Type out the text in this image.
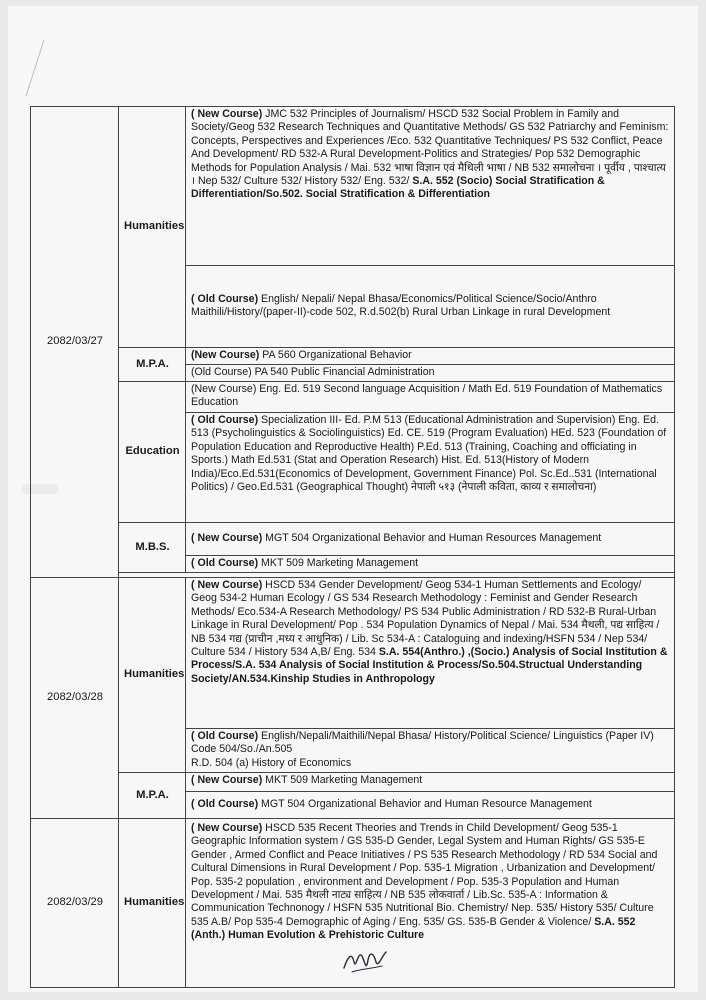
2082/03/27	Humanities	( New Course) JMC 532 Principles of Journalism/ HSCD 532 Social Problem in Family and Society/Geog 532 Research Techniques and Quantitative Methods/ GS 532 Patriarchy and Feminism: Concepts, Perspectives and Experiences /Eco. 532 Quantitative Techniques/ PS 532 Conflict, Peace And Development/ RD 532-A Rural Development-Politics and Strategies/ Pop 532 Demographic Methods for Population Analysis / Mai. 532 भाषा विज्ञान एवं मैथिली भाषा / NB 532 समालोचना । पूर्वीय , पाश्चात्य । Nep 532/ Culture 532/ History 532/ Eng. 532/ S.A. 552 (Socio) Social Stratification & Differentiation/So.502. Social Stratification & Differentiation
		( Old Course) English/ Nepali/ Nepal Bhasa/Economics/Political Science/Socio/Anthro Maithili/History/(paper-II)-code 502, R.d.502(b) Rural Urban Linkage in rural Development
	M.P.A.	(New Course) PA 560 Organizational Behavior
		(Old Course) PA 540 Public Financial Administration
	Education	(New Course) Eng. Ed. 519 Second language Acquisition / Math Ed. 519 Foundation of Mathematics Education
		( Old Course) Specialization III- Ed. P.M 513 (Educational Administration and Supervision) Eng. Ed. 513 (Psycholinguistics & Sociolinguistics) Ed. CE. 519 (Program Evaluation) HEd. 523 (Foundation of Population Education and Reproductive Health) P.Ed. 513 (Training, Coaching and officiating in Sports.) Math Ed.531 (Stat and Operation Research) Hist. Ed. 513(History of Modern India)/Eco.Ed.531(Economics of Development, Government Finance) Pol. Sc.Ed..531 (International Politics) / Geo.Ed.531 (Geographical Thought) नेपाली ५१३ (नेपाली कविता, काव्य र समालोचना)
	M.B.S.	( New Course) MGT 504 Organizational Behavior and Human Resources Management
		( Old Course) MKT 509 Marketing Management

2082/03/28	Humanities	( New Course) HSCD 534 Gender Development/ Geog 534-1 Human Settlements and Ecology/ Geog 534-2 Human Ecology / GS 534 Research Methodology : Feminist and Gender Research Methods/ Eco.534-A Research Methodology/ PS 534 Public Administration / RD 532-B Rural-Urban Linkage in Rural Development/ Pop . 534 Population Dynamics of Nepal / Mai. 534 मैथली, पद्य साहित्य / NB 534 गद्य (प्राचीन ,मध्य र आधुनिक) / Lib. Sc 534-A : Cataloguing and indexing/HSFN 534 / Nep 534/ Culture 534 / History 534 A,B/ Eng. 534 S.A. 554(Anthro.) ,(Socio.) Analysis of Social Institution & Process/S.A. 534 Analysis of Social Institution & Process/So.504.Structual Understanding Society/AN.534.Kinship Studies in Anthropology
		( Old Course) English/Nepali/Maithili/Nepal Bhasa/ History/Political Science/ Linguistics (Paper IV) Code 504/So./An.505
R.D. 504 (a) History of Economics
	M.P.A.	( New Course) MKT 509 Marketing Management
		( Old Course) MGT 504 Organizational Behavior and Human Resource Management
2082/03/29	Humanities	( New Course) HSCD 535 Recent Theories and Trends in Child Development/ Geog 535-1 Geographic Information system / GS 535-D Gender, Legal System and Human Rights/ GS 535-E Gender , Armed Conflict and Peace Initiatives / PS 535 Research Methodology / RD 534 Social and Cultural Dimensions in Rural Development / Pop. 535-1 Migration , Urbanization and Development/ Pop. 535-2 population , environment and Development / Pop. 535-3 Population and Human Development / Mai. 535 मैथली नाट्य साहित्य / NB 535 लोकवार्ता / Lib.Sc. 535-A : Information & Communication Technonogy / HSFN 535 Nutritional Bio. Chemistry/ Nep. 535/ History 535/ Culture 535 A.B/ Pop 535-4 Demographic of Aging / Eng. 535/ GS. 535-B Gender & Violence/ S.A. 552 (Anth.) Human Evolution & Prehistoric Culture
